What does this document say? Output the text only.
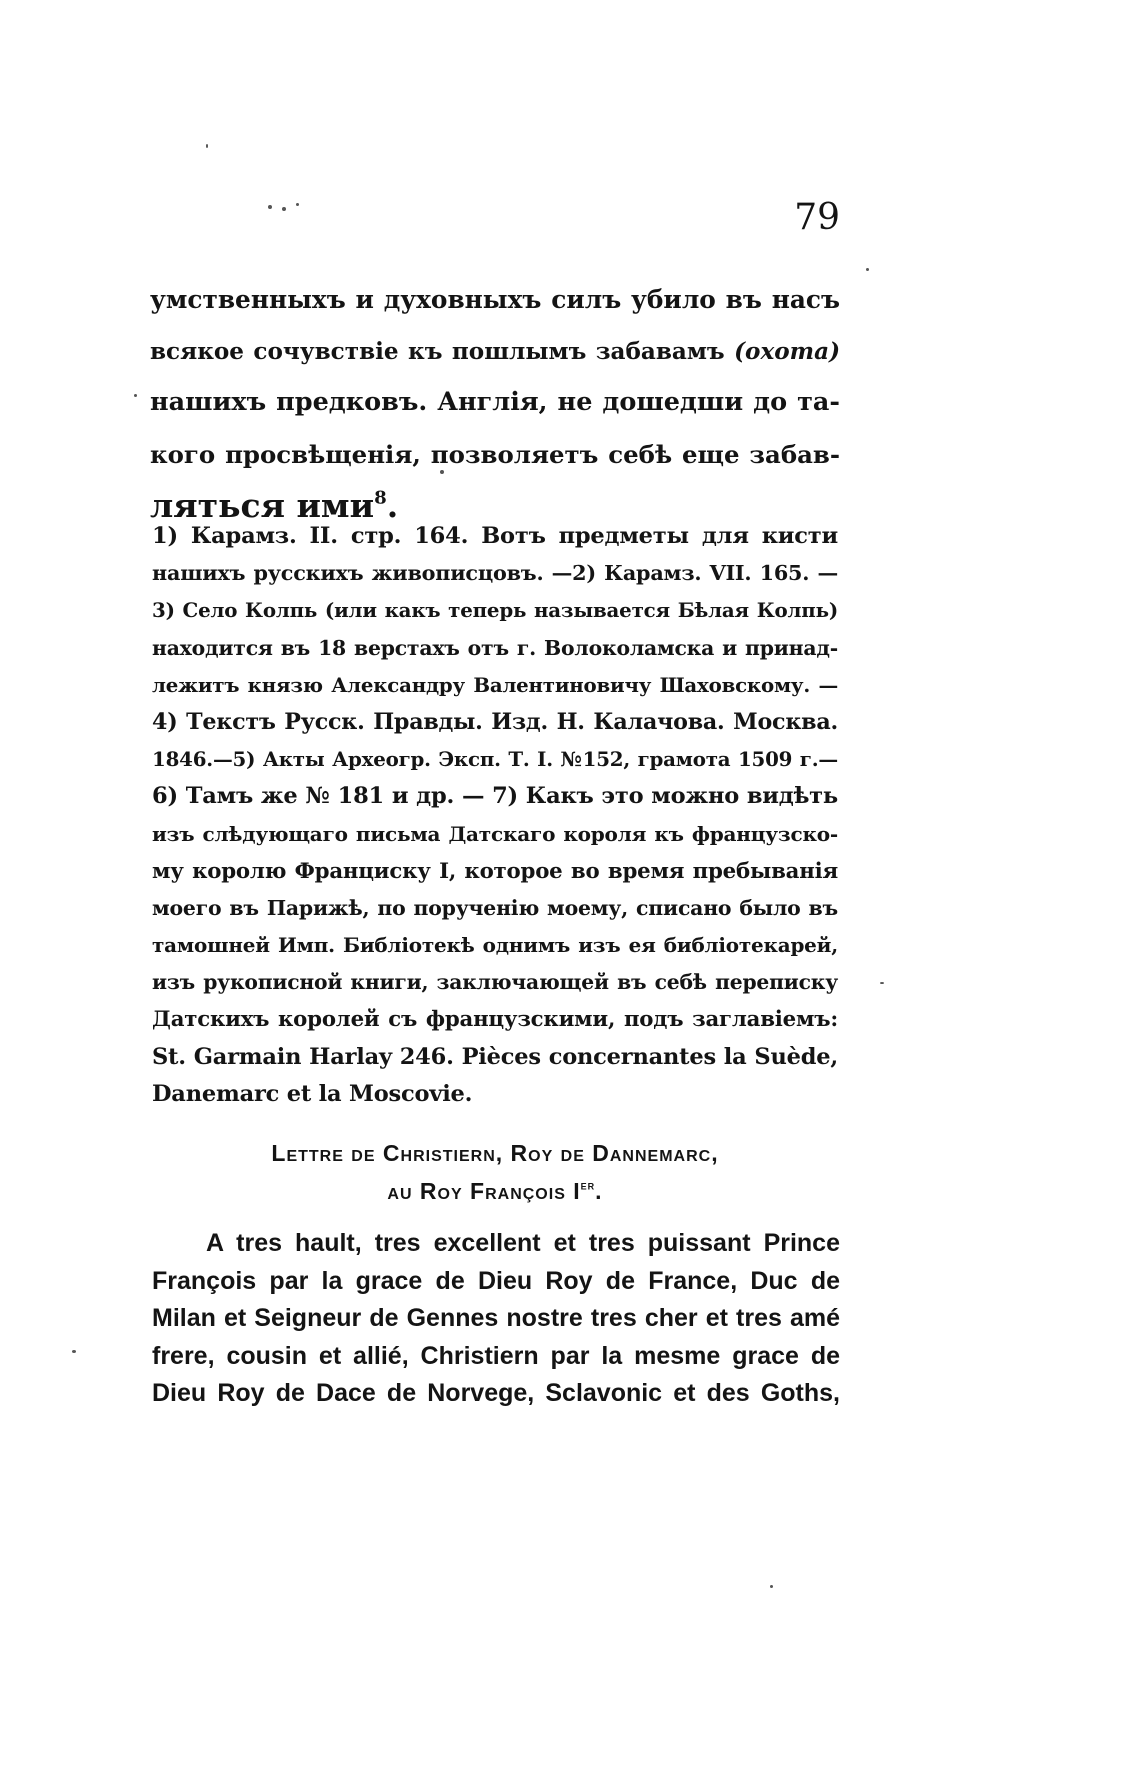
79
умственныхъ и духовныхъ силъ убило въ насъ
всякое сочувствіе къ пошлымъ забавамъ (охота)
нашихъ предковъ. Англія, не дошедши до та-
кого просвѣщенія, позволяетъ себѣ еще забав-
ляться ими$^8$.
1) Карамз. II. стр. 164. Вотъ предметы для кисти
нашихъ русскихъ живописцовъ. —2) Карамз. VII. 165. —
3) Село Колпь (или какъ теперь называется Бѣлая Колпь)
находится въ 18 верстахъ отъ г. Волоколамска и принад-
лежитъ князю Александру Валентиновичу Шаховскому. —
4) Текстъ Русск. Правды. Изд. Н. Калачова. Москва.
1846.—5) Акты Археогр. Эксп. Т. I. №152, грамота 1509 г.—
6) Тамъ же № 181 и др. — 7) Какъ это можно видѣть
изъ слѣдующаго письма Датскаго короля къ французско-
му королю Франциску I, которое во время пребыванія
моего въ Парижѣ, по порученію моему, списано было въ
тамошней Имп. Библіотекѣ однимъ изъ ея библіотекарей,
изъ рукописной книги, заключающей въ себѣ переписку
Датскихъ королей съ французскими, подъ заглавіемъ:
St. Garmain Harlay 246. Pièces concernantes la Suède,
Danemarc et la Moscovie.
Lettre de Christiern, Roy de Dannemarc,
au Roy François Ier.
A tres hault, tres excellent et tres puissant Prince
François par la grace de Dieu Roy de France, Duc de
Milan et Seigneur de Gennes nostre tres cher et tres amé
frere, cousin et allié, Christiern par la mesme grace de
Dieu Roy de Dace de Norvege, Sclavonic et des Goths,
